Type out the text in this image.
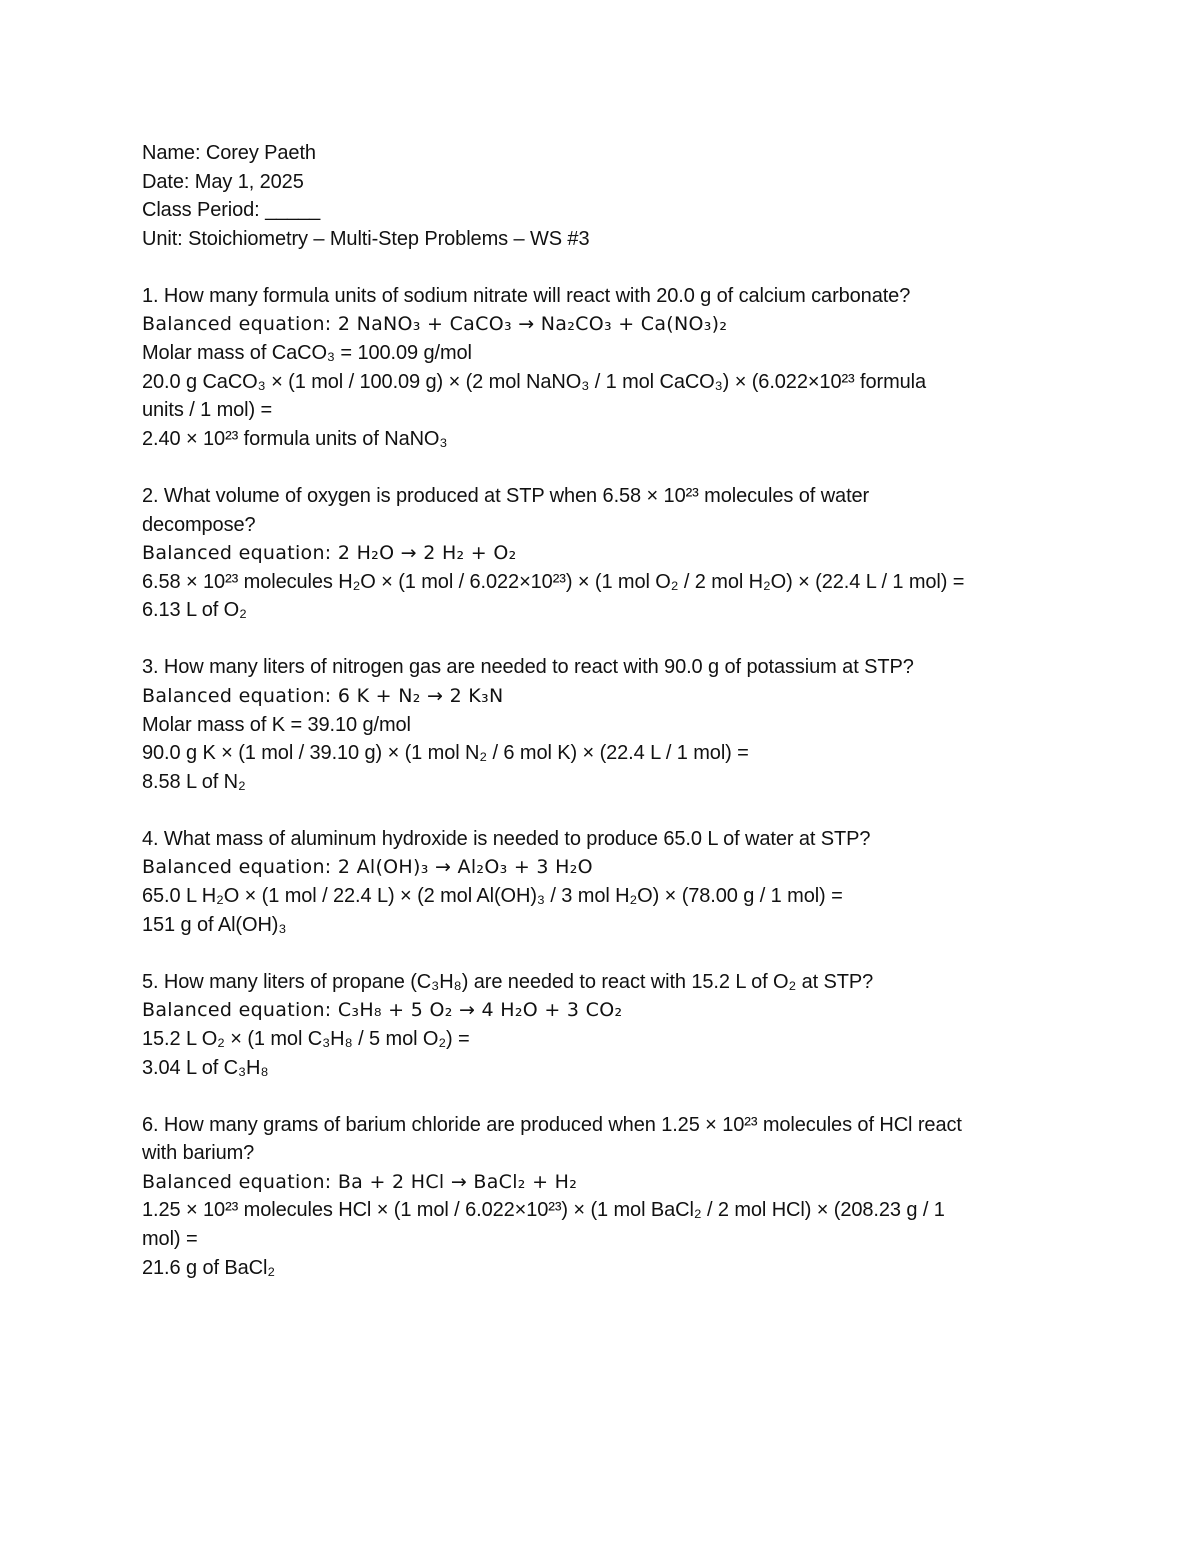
Name: Corey Paeth
Date: May 1, 2025
Class Period: _____
Unit: Stoichiometry – Multi-Step Problems – WS #3
1. How many formula units of sodium nitrate will react with 20.0 g of calcium carbonate?
Balanced equation: 2 NaNO₃ + CaCO₃ → Na₂CO₃ + Ca(NO₃)₂
Molar mass of CaCO₃ = 100.09 g/mol
20.0 g CaCO₃ × (1 mol / 100.09 g) × (2 mol NaNO₃ / 1 mol CaCO₃) × (6.022×10²³ formula
units / 1 mol) =
2.40 × 10²³ formula units of NaNO₃
2. What volume of oxygen is produced at STP when 6.58 × 10²³ molecules of water
decompose?
Balanced equation: 2 H₂O → 2 H₂ + O₂
6.58 × 10²³ molecules H₂O × (1 mol / 6.022×10²³) × (1 mol O₂ / 2 mol H₂O) × (22.4 L / 1 mol) =
6.13 L of O₂
3. How many liters of nitrogen gas are needed to react with 90.0 g of potassium at STP?
Balanced equation: 6 K + N₂ → 2 K₃N
Molar mass of K = 39.10 g/mol
90.0 g K × (1 mol / 39.10 g) × (1 mol N₂ / 6 mol K) × (22.4 L / 1 mol) =
8.58 L of N₂
4. What mass of aluminum hydroxide is needed to produce 65.0 L of water at STP?
Balanced equation: 2 Al(OH)₃ → Al₂O₃ + 3 H₂O
65.0 L H₂O × (1 mol / 22.4 L) × (2 mol Al(OH)₃ / 3 mol H₂O) × (78.00 g / 1 mol) =
151 g of Al(OH)₃
5. How many liters of propane (C₃H₈) are needed to react with 15.2 L of O₂ at STP?
Balanced equation: C₃H₈ + 5 O₂ → 4 H₂O + 3 CO₂
15.2 L O₂ × (1 mol C₃H₈ / 5 mol O₂) =
3.04 L of C₃H₈
6. How many grams of barium chloride are produced when 1.25 × 10²³ molecules of HCl react
with barium?
Balanced equation: Ba + 2 HCl → BaCl₂ + H₂
1.25 × 10²³ molecules HCl × (1 mol / 6.022×10²³) × (1 mol BaCl₂ / 2 mol HCl) × (208.23 g / 1
mol) =
21.6 g of BaCl₂
